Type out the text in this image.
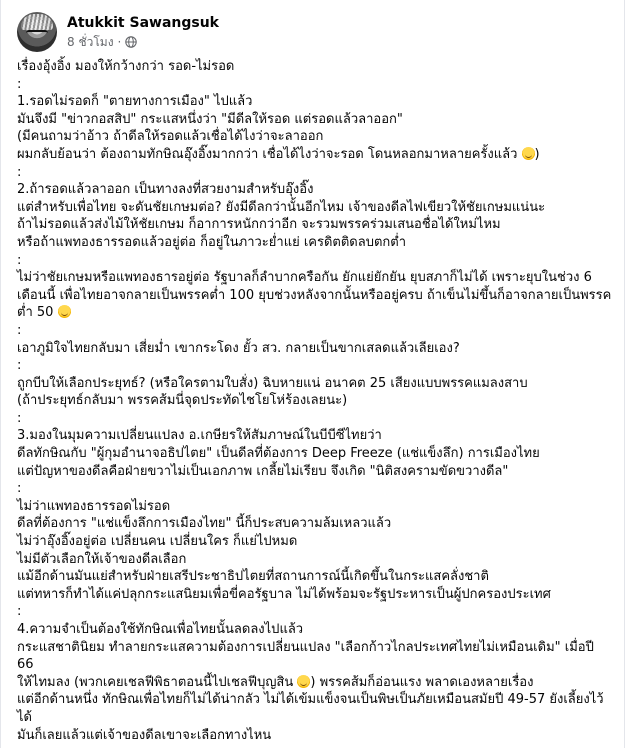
Atukkit Sawangsuk
8 ชั่วโมง ·
เรื่องอุ้งอิ้ง มองให้กว้างกว่า รอด-ไม่รอด
:
1.รอดไม่รอดก็ "ตายทางการเมือง" ไปแล้ว
มันจึงมี "ข่าวกอสสิป" กระแสหนึ่งว่า "มีดีลให้รอด แต่รอดแล้วลาออก"
(มีคนถามว่าอ้าว ถ้าดีลให้รอดแล้วเชื่อได้ไงว่าจะลาออก
ผมกลับย้อนว่า ต้องถามทักษิณอุ๊งอิ๊งมากกว่า เชื่อได้ไงว่าจะรอด โดนหลอกมาหลายครั้งแล้ว )
:
2.ถ้ารอดแล้วลาออก เป็นทางลงที่สวยงามสำหรับอุ๊งอิ๊ง
แต่สำหรับเพื่อไทย จะดันชัยเกษมต่อ? ยังมีดีลกว่านั้นอีกไหม เจ้าของดีลไฟเขียวให้ชัยเกษมแน่นะ
ถ้าไม่รอดแล้วส่งไม้ให้ชัยเกษม ก็อาการหนักกว่าอีก จะรวมพรรคร่วมเสนอชื่อได้ใหม่ไหม
หรือถ้าแพทองธารรอดแล้วอยู่ต่อ ก็อยู่ในภาวะย่ำแย่ เครดิตติดลบตกต่ำ
:
ไม่ว่าชัยเกษมหรือแพทองธารอยู่ต่อ รัฐบาลก็ลำบากครือกัน ยักแย่ยักยัน ยุบสภาก็ไม่ได้ เพราะยุบในช่วง 6
เดือนนี้ เพื่อไทยอาจกลายเป็นพรรคต่ำ 100 ยุบช่วงหลังจากนั้นหรืออยู่ครบ ถ้าเข็นไม่ขึ้นก็อาจกลายเป็นพรรค
ต่ำ 50
:
เอาภูมิใจไทยกลับมา เสี่ยม่ำ เขากระโดง ยั้ว สว. กลายเป็นขากเสลดแล้วเลียเอง?
:
ถูกบีบให้เลือกประยุทธ์? (หรือใครตามใบสั่ง) ฉิบหายแน่ อนาคต 25 เสียงแบบพรรคแมลงสาบ
(ถ้าประยุทธ์กลับมา พรรคส้มนี่จุดประทัดไชโยโห่ร้องเลยนะ)
:
3.มองในมุมความเปลี่ยนแปลง อ.เกษียรให้สัมภาษณ์ในบีบีซีไทยว่า
ดีลทักษิณกับ "ผู้กุมอำนาจอธิปไตย" เป็นดีลที่ต้องการ Deep Freeze (แช่แข็งลึก) การเมืองไทย
แต่ปัญหาของดีลคือฝ่ายขวาไม่เป็นเอกภาพ เกลี้ยไม่เรียบ จึงเกิด "นิติสงครามขัดขวางดีล"
:
ไม่ว่าแพทองธารรอดไม่รอด
ดีลที่ต้องการ "แช่แข็งลึกการเมืองไทย" นี้ก็ประสบความล้มเหลวแล้ว
ไม่ว่าอุ๊งอิ๊งอยู่ต่อ เปลี่ยนคน เปลี่ยนใคร ก็แย่ไปหมด
ไม่มีตัวเลือกให้เจ้าของดีลเลือก
แม้อีกด้านมันแย่สำหรับฝ่ายเสรีประชาธิปไตยที่สถานการณ์นี้เกิดขึ้นในกระแสคลั่งชาติ
แต่ทหารก็ทำได้แค่ปลุกกระแสนิยมเพื่อขี่คอรัฐบาล ไม่ได้พร้อมจะรัฐประหารเป็นผู้ปกครองประเทศ
:
4.ความจำเป็นต้องใช้ทักษิณเพื่อไทยนั้นลดลงไปแล้ว
กระแสชาตินิยม ทำลายกระแสความต้องการเปลี่ยนแปลง "เลือกก้าวไกลประเทศไทยไม่เหมือนเดิม" เมื่อปี 66
ให้ไทมลง (พวกเคยเชลฟีพิธาตอนนี้ไปเชลฟีบุญสิน ) พรรคส้มก็อ่อนแรง พลาดเองหลายเรื่อง
แต่อีกด้านหนึ่ง ทักษิณเพื่อไทยก็ไม่ได้น่ากลัว ไม่ได้เข้มแข็งจนเป็นพิษเป็นภัยเหมือนสมัยปี 49-57 ยังเลี้ยงไว้
ได้
มันก็เลยแล้วแต่เจ้าของดีลเขาจะเลือกทางไหน
